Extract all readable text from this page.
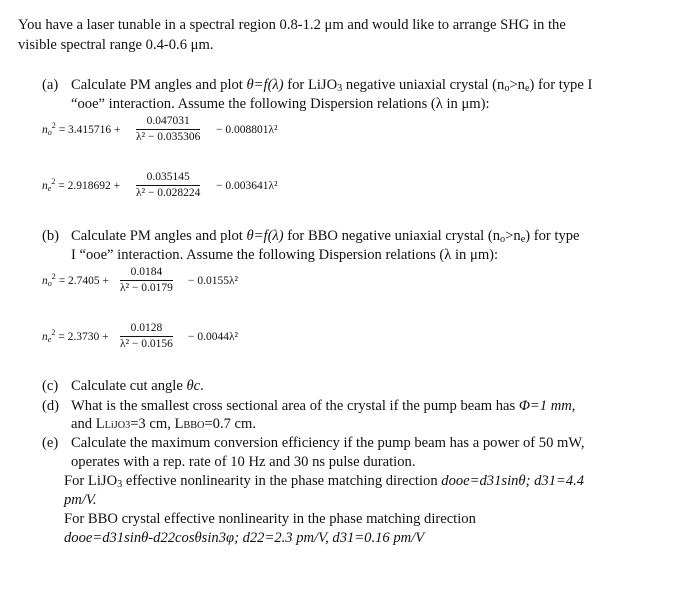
You have a laser tunable in a spectral region 0.8-1.2 μm and would like to arrange SHG in the
visible spectral range 0.4-0.6 μm.
(a) Calculate PM angles and plot θ=f(λ) for LiJO$_3$ negative uniaxial crystal $(n_o>n_e)$ for type I
“ooe” interaction. Assume the following Dispersion relations (λ in μm):
$n_o^2 = 3.415716 + \frac{0.047031}{\text{λ² − 0.035306}} - 0.008801\lambda^2$
$n_e^2 = 2.918692 + \frac{0.035145}{\text{λ² − 0.028224}} - 0.003641\lambda^2$
(b) Calculate PM angles and plot θ=f(λ) for BBO negative uniaxial crystal $(n_o>n_e)$ for type
I “ooe” interaction. Assume the following Dispersion relations (λ in μm):
$n_o^2 = 2.7405 + \frac{0.0184}{\text{λ² − 0.0179}} - 0.0155\lambda^2$
$n_e^2 = 2.3730 + \frac{0.0128}{\text{λ² − 0.0156}} - 0.0044\lambda^2$
(c) Calculate cut angle θc.
(d) What is the smallest cross sectional area of the crystal if the pump beam has Φ=1 mm,
and LLiJO3=3 cm, LBBO=0.7 cm.
(e) Calculate the maximum conversion efficiency if the pump beam has a power of 50 mW,
operates with a rep. rate of 10 Hz and 30 ns pulse duration.
For LiJO$_3$ effective nonlinearity in the phase matching direction dooe=d31sinθ; d31=4.4
pm/V.
For BBO crystal effective nonlinearity in the phase matching direction
dooe=d31sinθ-d22cosθsin3φ; d22=2.3 pm/V, d31=0.16 pm/V
